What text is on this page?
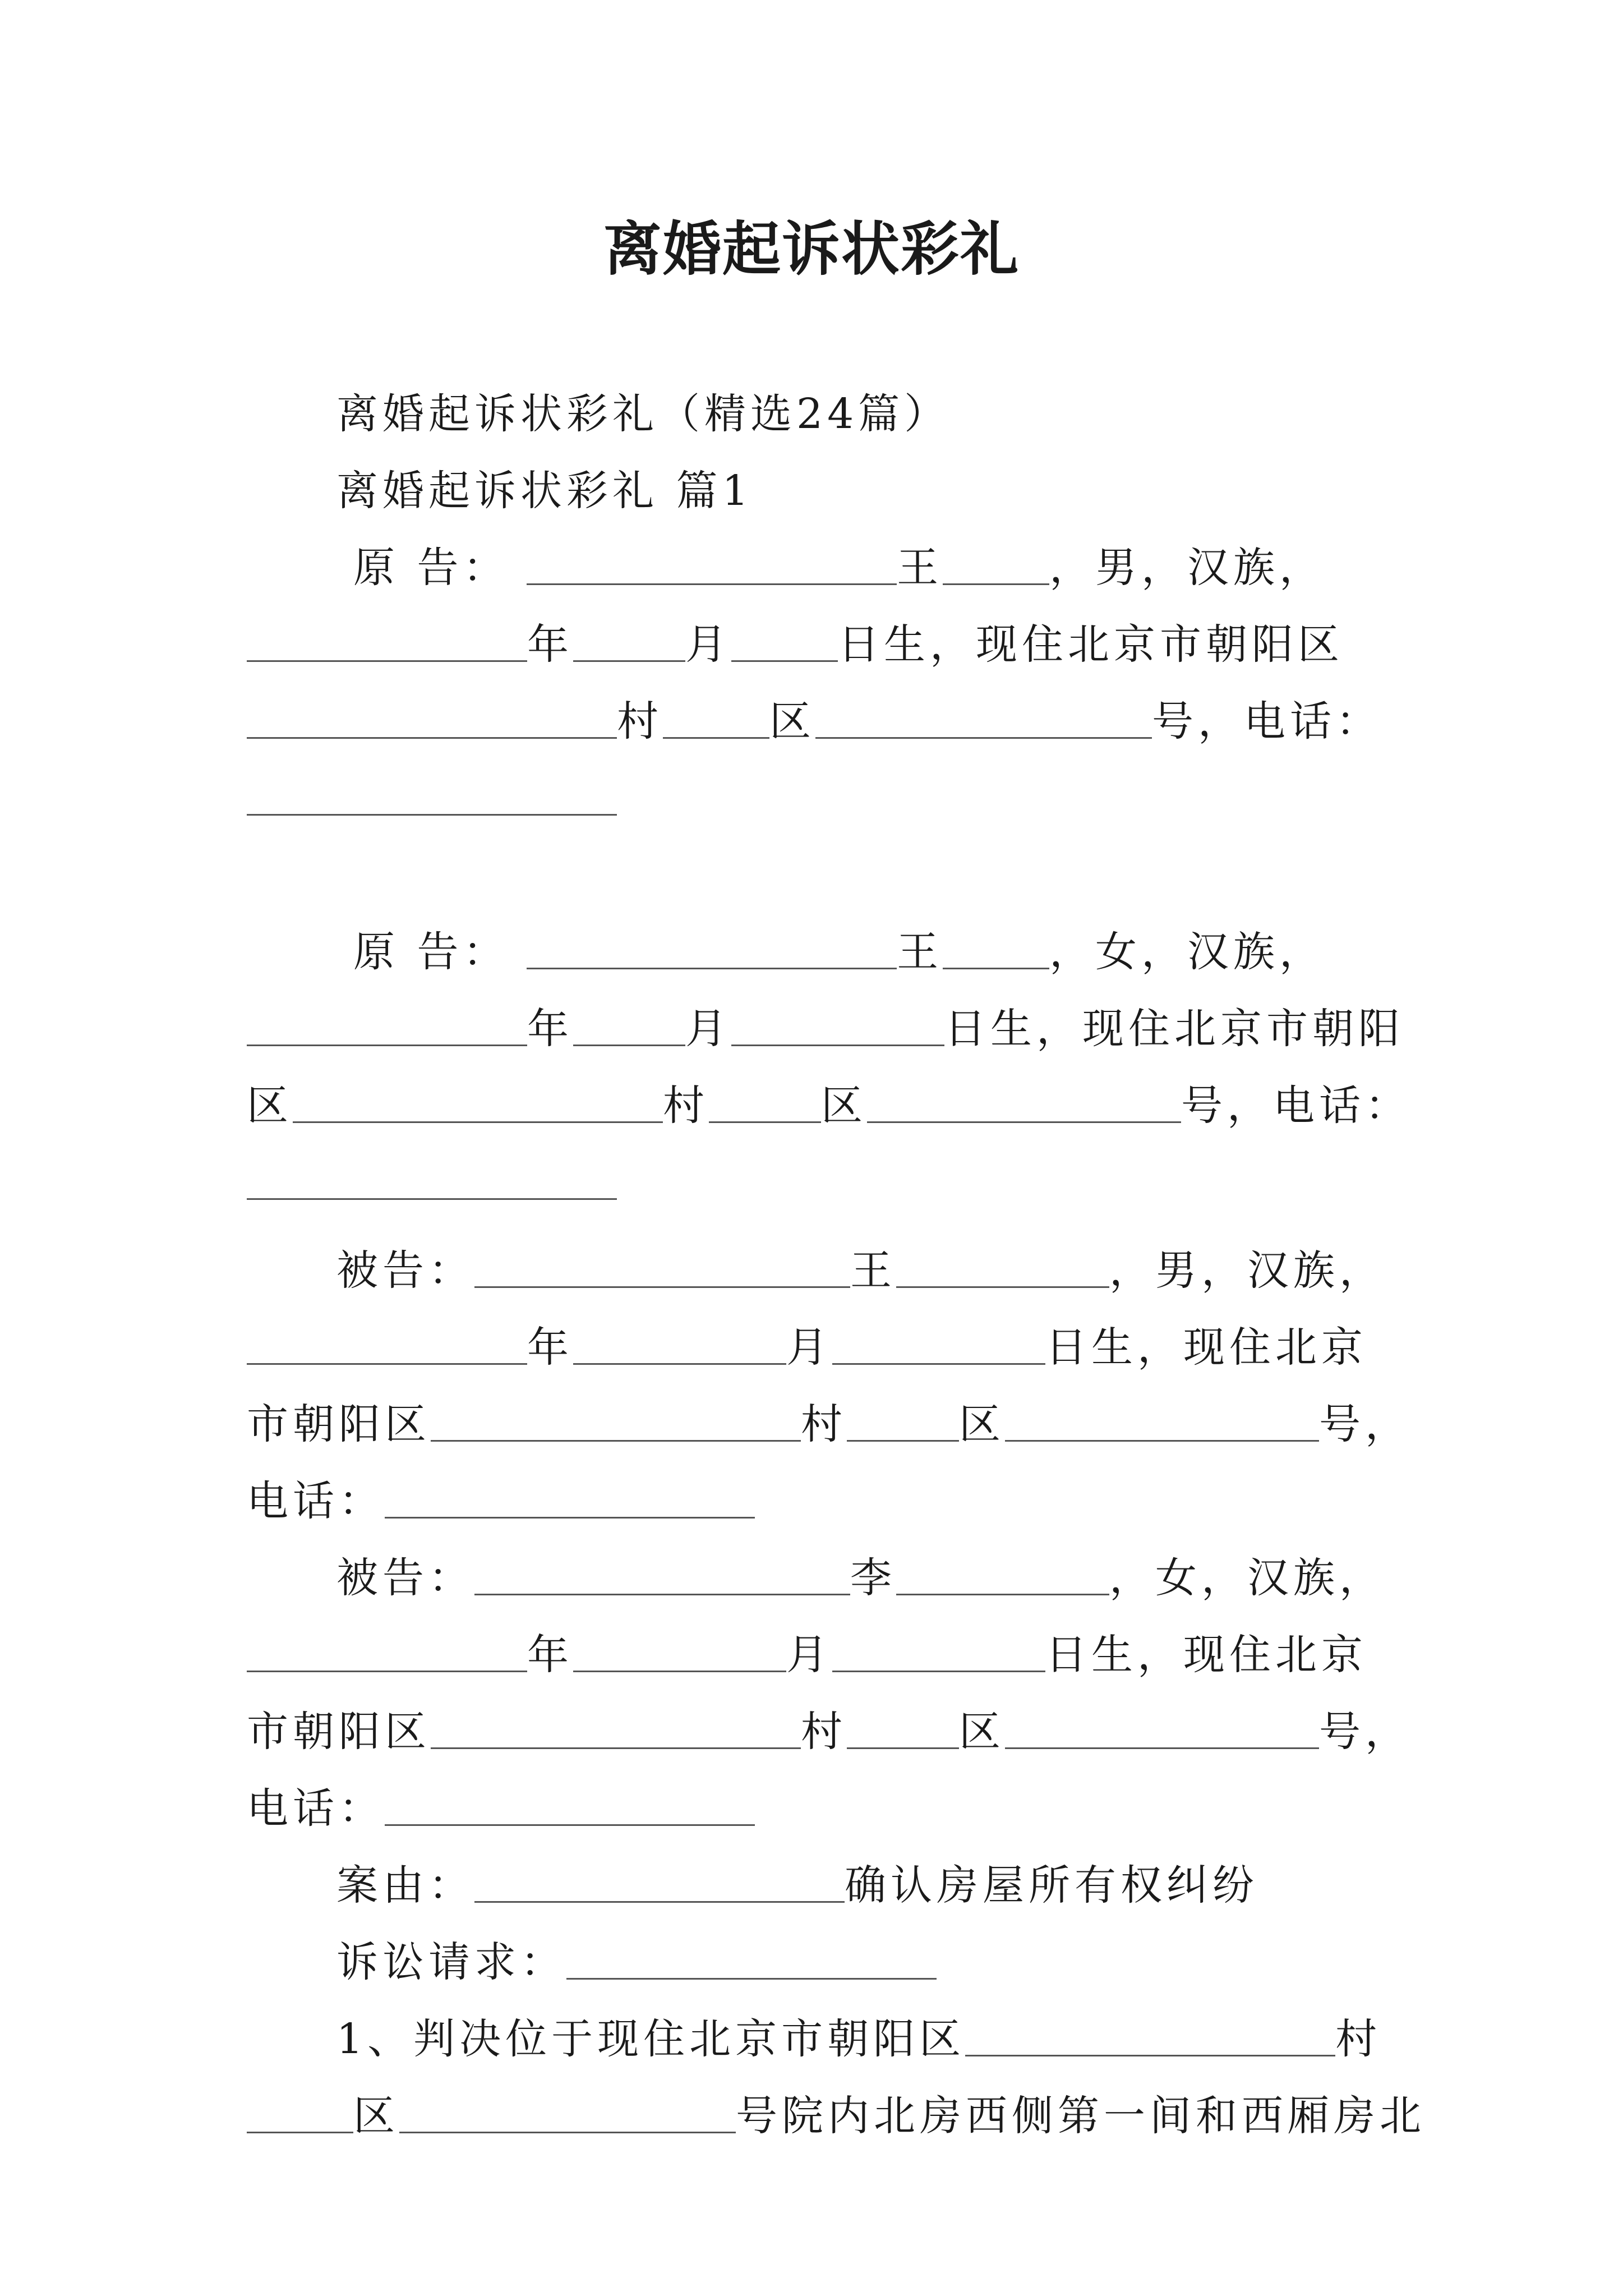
离婚起诉状彩礼
离婚起诉状彩礼（精选24篇）
离婚起诉状彩礼 篇1
原 告：	王	，男，汉族，
年	月	日生，现住北京市朝阳区
村	区	号，电话：
原 告：	王	，女，汉族，
年	月	日生，现住北京市朝阳
区	村	区	号，电话：
被告：	王	，男，汉族，
年	月	日生，现住北京
市朝阳区	村	区	号，
电话：
被告：	李	，女，汉族，
年	月	日生，现住北京
市朝阳区	村	区	号，
电话：
案由：	确认房屋所有权纠纷
诉讼请求：
1、判决位于现住北京市朝阳区	村
区	号院内北房西侧第一间和西厢房北
